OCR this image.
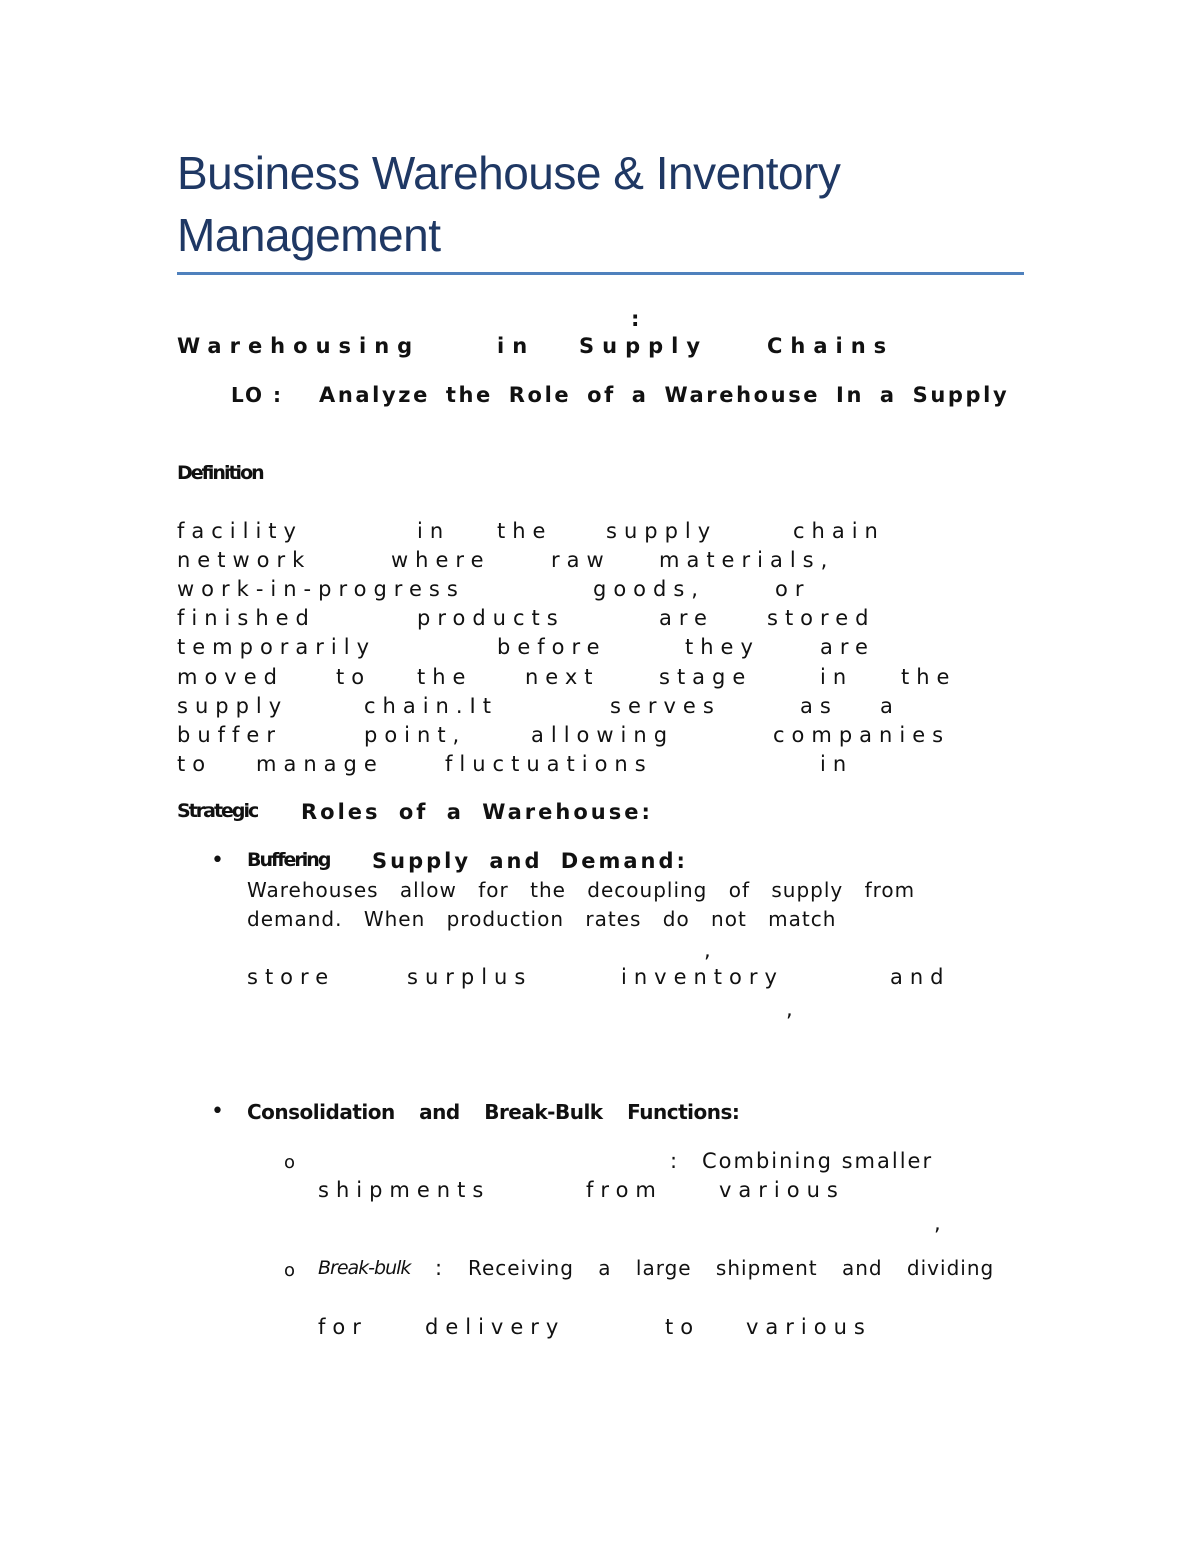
Business Warehouse & Inventory
Management
:
Warehousing	in Supply	Chains
LO : Analyze the Role of a Warehouse In a Supply
Definition
facility	in the	supply	chain
network	where	raw materials,
work-in-progress	goods,	or
finished	products	are	stored
temporarily	before	they	are
moved to the	next	stage	in the
supply	chain.It	serves	as a
buffer	point,	allowing	companies
to manage	fluctuations	in
Strategic Roles of a Warehouse:
• Buffering Supply and Demand:
Warehouses allow for the decoupling of supply from
demand. When production rates do not match
,
store	surplus	inventory	and
,
• Consolidation and Break-Bulk Functions:
o	: Combining smaller
shipments	from	various
,
o Break-bulk : Receiving a large shipment and dividing
for	delivery	to various
